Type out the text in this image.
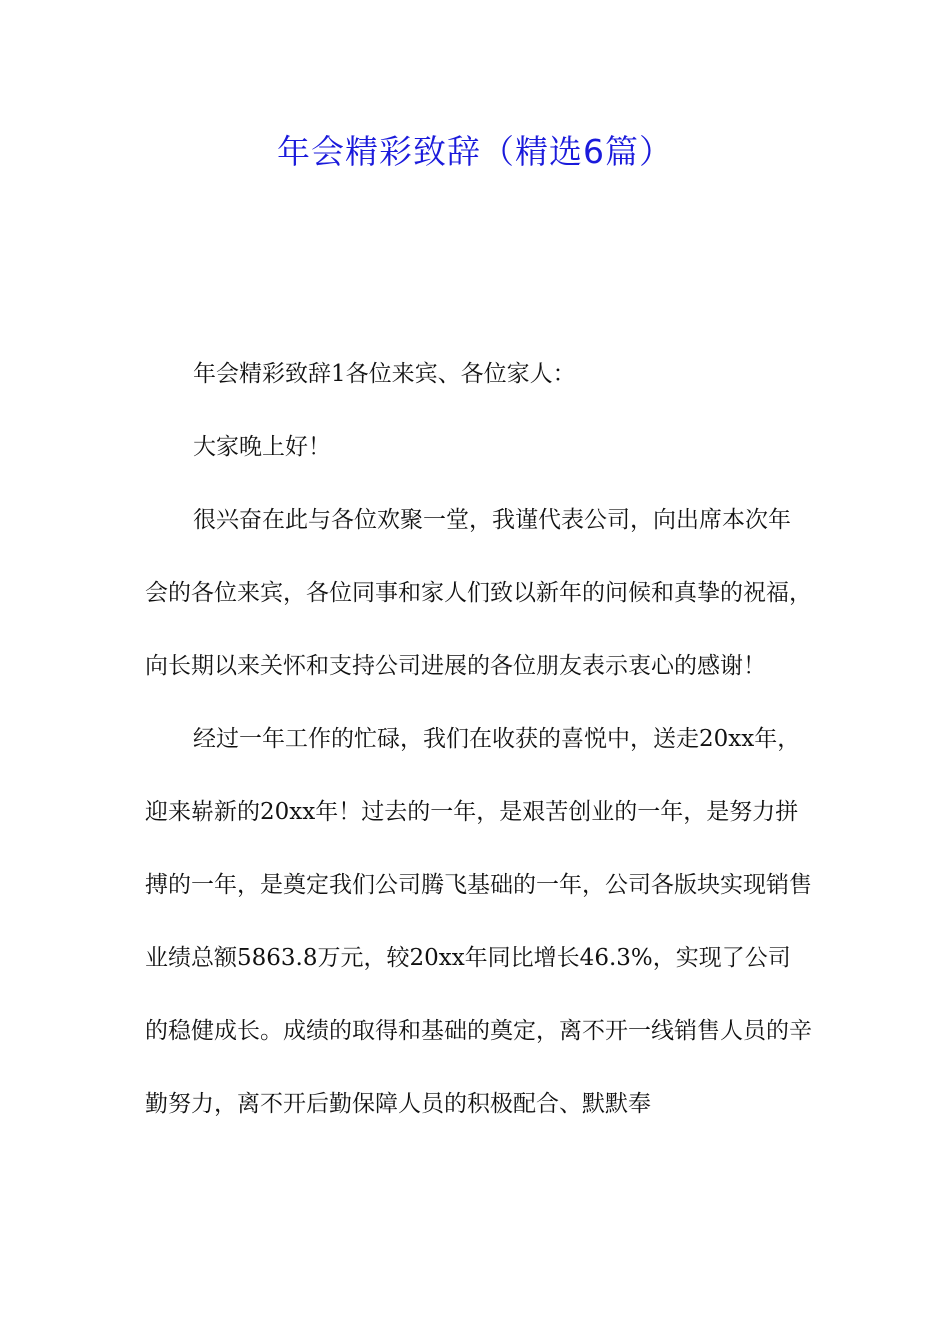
年会精彩致辞（精选6篇）

年会精彩致辞1各位来宾、各位家人：

大家晚上好！

很兴奋在此与各位欢聚一堂，我谨代表公司，向出席本次年会的各位来宾，各位同事和家人们致以新年的问候和真挚的祝福，向长期以来关怀和支持公司进展的各位朋友表示衷心的感谢！

经过一年工作的忙碌，我们在收获的喜悦中，送走20xx年，迎来崭新的20xx年！过去的一年，是艰苦创业的一年，是努力拼搏的一年，是奠定我们公司腾飞基础的一年，公司各版块实现销售业绩总额5863.8万元，较20xx年同比增长46.3%，实现了公司的稳健成长。成绩的取得和基础的奠定，离不开一线销售人员的辛勤努力，离不开后勤保障人员的积极配合、默默奉
